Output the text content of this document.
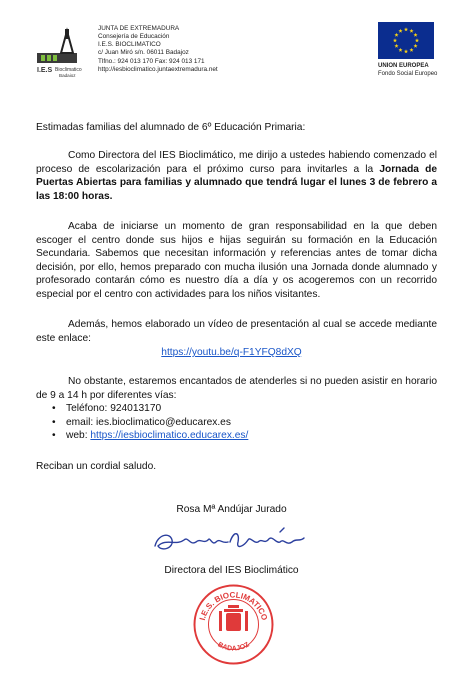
I.E.S Bioclimatico
Badajoz
JUNTA DE EXTREMADURA
Consejería de Educación
I.E.S. BIOCLIMATICO
c/ Juan Miró s/n. 06011 Badajoz
Tlfno.: 924 013 170 Fax: 924 013 171
http://iesbioclimatico.juntaextremadura.net	UNION EUROPEA
Fondo Social Europeo
Estimadas familias del alumnado de 6º Educación Primaria:
Como Directora del IES Bioclimático, me dirijo a ustedes habiendo comenzado el proceso de escolarización para el próximo curso para invitarles a la Jornada de Puertas Abiertas para familias y alumnado que tendrá lugar el lunes 3 de febrero a las 18:00 horas.
Acaba de iniciarse un momento de gran responsabilidad en la que deben escoger el centro donde sus hijos e hijas seguirán su formación en la Educación Secundaria. Sabemos que necesitan información y referencias antes de tomar dicha decisión, por ello, hemos preparado con mucha ilusión una Jornada donde alumnado y profesorado contarán cómo es nuestro día a día y os acogeremos con un recorrido especial por el centro con actividades para los niños visitantes.
Además, hemos elaborado un vídeo de presentación al cual se accede mediante este enlace:
https://youtu.be/q-F1YFQ8dXQ
No obstante, estaremos encantados de atenderles si no pueden asistir en horario de 9 a 14 h por diferentes vías:
• Teléfono: 924013170
• email: ies.bioclimatico@educarex.es
• web: https://iesbioclimatico.educarex.es/
Reciban un cordial saludo.
Rosa Mª Andújar Jurado
Directora del IES Bioclimático
I.E.S. BIOCLIMATICO
BADAJOZ
